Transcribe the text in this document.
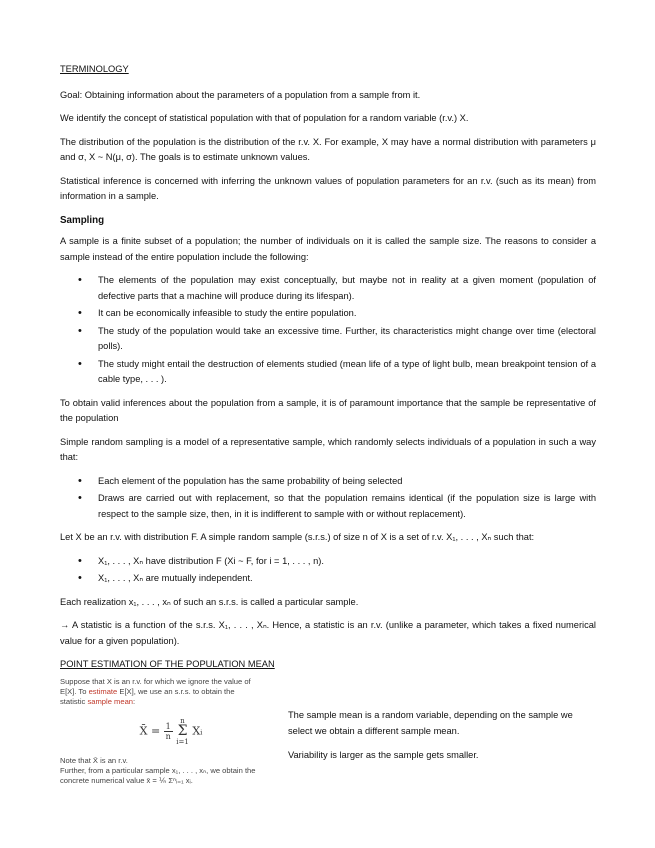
TERMINOLOGY

Goal: Obtaining information about the parameters of a population from a sample from it.

We identify the concept of statistical population with that of population for a random variable (r.v.) X.

The distribution of the population is the distribution of the r.v. X. For example, X may have a normal distribution with parameters μ and σ, X ~ N(μ, σ). The goals is to estimate unknown values.

Statistical inference is concerned with inferring the unknown values of population parameters for an r.v. (such as its mean) from information in a sample.

Sampling

A sample is a finite subset of a population; the number of individuals on it is called the sample size. The reasons to consider a sample instead of the entire population include the following:

• The elements of the population may exist conceptually, but maybe not in reality at a given moment (population of defective parts that a machine will produce during its lifespan).
• It can be economically infeasible to study the entire population.
• The study of the population would take an excessive time. Further, its characteristics might change over time (electoral polls).
• The study might entail the destruction of elements studied (mean life of a type of light bulb, mean breakpoint tension of a cable type, . . . ).

To obtain valid inferences about the population from a sample, it is of paramount importance that the sample be representative of the population

Simple random sampling is a model of a representative sample, which randomly selects individuals of a population in such a way that:

• Each element of the population has the same probability of being selected
• Draws are carried out with replacement, so that the population remains identical (if the population size is large with respect to the sample size, then, in it is indifferent to sample with or without replacement).

Let X be an r.v. with distribution F. A simple random sample (s.r.s.) of size n of X is a set of r.v. X₁, . . . , Xₙ such that:

• X₁, . . . , Xₙ have distribution F (Xi ~ F, for i = 1, . . . , n).
• X₁, . . . , Xₙ are mutually independent.

Each realization x₁, . . . , xₙ of such an s.r.s. is called a particular sample.

→ A statistic is a function of the s.r.s. X₁, . . . , Xₙ. Hence, a statistic is an r.v. (unlike a parameter, which takes a fixed numerical value for a given population).

POINT ESTIMATION OF THE POPULATION MEAN

Suppose that X is an r.v. for which we ignore the value of
E[X]. To estimate E[X], we use an s.r.s. to obtain the
statistic sample mean:
X̄ = $\frac{1}{n}$
n
Σ
i=1 Xᵢ
Note that X̄ is an r.v.
Further, from a particular sample x₁, . . . , xₙ, we obtain the
concrete numerical value x̄ = ⅟ₙ Σⁿᵢ₌₁ xᵢ.

The sample mean is a random variable, depending on the sample we select we obtain a different sample mean.

Variability is larger as the sample gets smaller.
